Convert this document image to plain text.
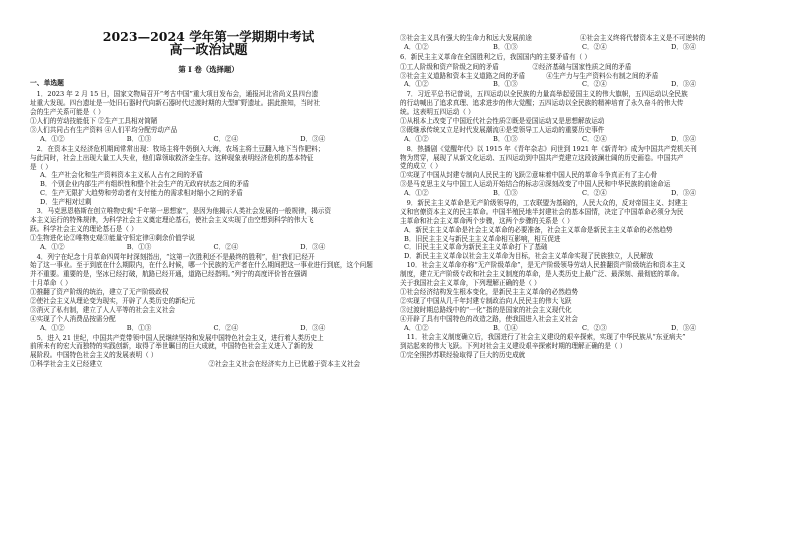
2023—2024 学年第一学期期中考试

高一政治试题

第 I 卷（选择题）

一、单选题

1．2023 年 2 月 15 日，国家文物局召开“考古中国”重大项目发布会，通报河北省尚义县四台遗

址重大发现。四台遗址是一处旧石器时代向新石器时代过渡时期的大型旷野遗址。据此推知，当时社

会的生产关系可能是（ ）

①人们的劳动技能低下 ②生产工具相对简陋

③人们共同占有生产资料 ④人们平均分配劳动产品

A．①②	B．①③	C．②④	D．③④

2．在资本主义经济危机期间常常出现：牧场主将牛奶倒入大海，农场主将土豆翻入地下当作肥料；

与此同时，社会上出现大量工人失业，他们靠领取救济金生存。这种现象表明经济危机的基本特征

是（ ）

A．生产社会化和生产资料资本主义私人占有之间的矛盾

B．个别企业内部生产有组织性和整个社会生产的无政府状态之间的矛盾

C．生产无限扩大趋势和劳动者有支付能力的需求相对缩小之间的矛盾

D．生产相对过剩

3．马克思恩格斯在创立唯物史观“千年第一思想家”，是因为他揭示人类社会发展的一般规律，揭示资

本主义运行的特殊规律，为科学社会主义奠定理论基石，使社会主义实现了由空想到科学的伟大飞

跃。科学社会主义的理论基石是（ ）

①生物进化论②唯物史观③能量守恒定律④剩余价值学说

A．①②	B．①③	C．②④	D．③④

4．列宁在纪念十月革命四周年时深刻指出，“这第一次胜利还不是最终的胜利”，但“我们已经开

始了这一事业。至于到底在什么期限内，在什么时候，哪一个民族的无产者在什么期间把这一事业进行到底，这个问题

并不重要。重要的是，坚冰已经打破，航路已经开通，道路已经指明。”列宁的高度评价旨在强调

十月革命（ ）

①推翻了资产阶级的统治，建立了无产阶级政权

②使社会主义从理论变为现实，开辟了人类历史的新纪元

③消灭了私有制，建立了人人平等的社会主义社会

④实现了个人消费品按需分配

A．①②	B．①③	C．②④	D．③④

5．进入 21 世纪，中国共产党带领中国人民继续坚持和发展中国特色社会主义，进行着人类历史上

前所未有的宏大而独特的实践创新，取得了举世瞩目的巨大成就，中国特色社会主义进入了新的发

展阶段。中国特色社会主义的发展表明（ ）

①科学社会主义已经建立	②社会主义社会在经济实力上已优越于资本主义社会
③社会主义具有强大的生命力和远大发展前途	④社会主义终将代替资本主义是不可逆转的
A．①②	B．①③	C．②④	D．③④

6．新民主主义革命在全国胜利之后，我国国内的主要矛盾有（ ）

①工人阶级和资产阶级之间的矛盾                ②经济基础与国家性质之间的矛盾

③社会主义道路和资本主义道路之间的矛盾          ④生产力与生产资料公有制之间的矛盾

A．①②	B．①③	C．②④	D．③④

7．习近平总书记曾说，五四运动以全民族的力量高举起爱国主义的伟大旗帜，五四运动以全民族

的行动喊出了追求真理、追求进步的伟大觉醒；五四运动以全民族的精神培育了永久奋斗的伟大传

统。这表明五四运动（ ）

①从根本上改变了中国近代社会性质②既是爱国运动又是思想解放运动

③既继承传统又立足时代发展潮流④是党领导工人运动的重要历史事件

A．①②	B．①③	C．②④	D．③④

8．热播剧《觉醒年代》以 1915 年《青年杂志》问世到 1921 年《新青年》成为中国共产党机关刊

物为贯穿，展现了从新文化运动、五四运动到中国共产党建立这段波澜壮阔的历史画卷。中国共产

党的成立（ ）

①实现了中国从封建专制向人民民主的飞跃②意味着中国人民的革命斗争真正有了主心骨

③是马克思主义与中国工人运动开始结合的标志④深刻改变了中国人民和中华民族的前途命运

A．①②	B．①③	C．②④	D．③④

9．新民主主义革命是无产阶级领导的，工农联盟为基础的，人民大众的，反对帝国主义、封建主

义和官僚资本主义的民主革命。中国半殖民地半封建社会的基本国情，决定了中国革命必须分为民

主革命和社会主义革命两个步骤，这两个步骤的关系是（ ）

A．新民主主义革命是社会主义革命的必要准备，社会主义革命是新民主主义革命的必然趋势

B．旧民主主义与新民主主义革命相互影响，相互促进

C．旧民主主义革命为新民主主义革命打下了基础

D．新民主主义革命以社会主义革命为目标，社会主义革命实现了民族独立，人民解放

10．社会主义革命亦称“无产阶级革命”，是无产阶级领导劳动人民推翻资产阶级统治和资本主义

制度，建立无产阶级专政和社会主义制度的革命，是人类历史上最广泛、最深刻、最彻底的革命。

关于我国社会主义革命，下列理解正确的是（ ）

①社会经济结构发生根本变化，是新民主主义革命的必然趋势

②实现了中国从几千年封建专制政治向人民民主的伟大飞跃

③过渡时期总路线中的“一化”指的是国家的社会主义现代化

④开辟了具有中国特色的改造之路，使我国进入社会主义社会

A．①②	B．①④	C．②③	D．③④

11．社会主义制度确立后，我国进行了社会主义建设的艰辛探索，实现了中华民族从“东亚病夫”

到站起来的伟大飞跃。下列对社会主义建设艰辛探索时期的理解正确的是（ ）

①完全照抄苏联经验取得了巨大的历史成就
